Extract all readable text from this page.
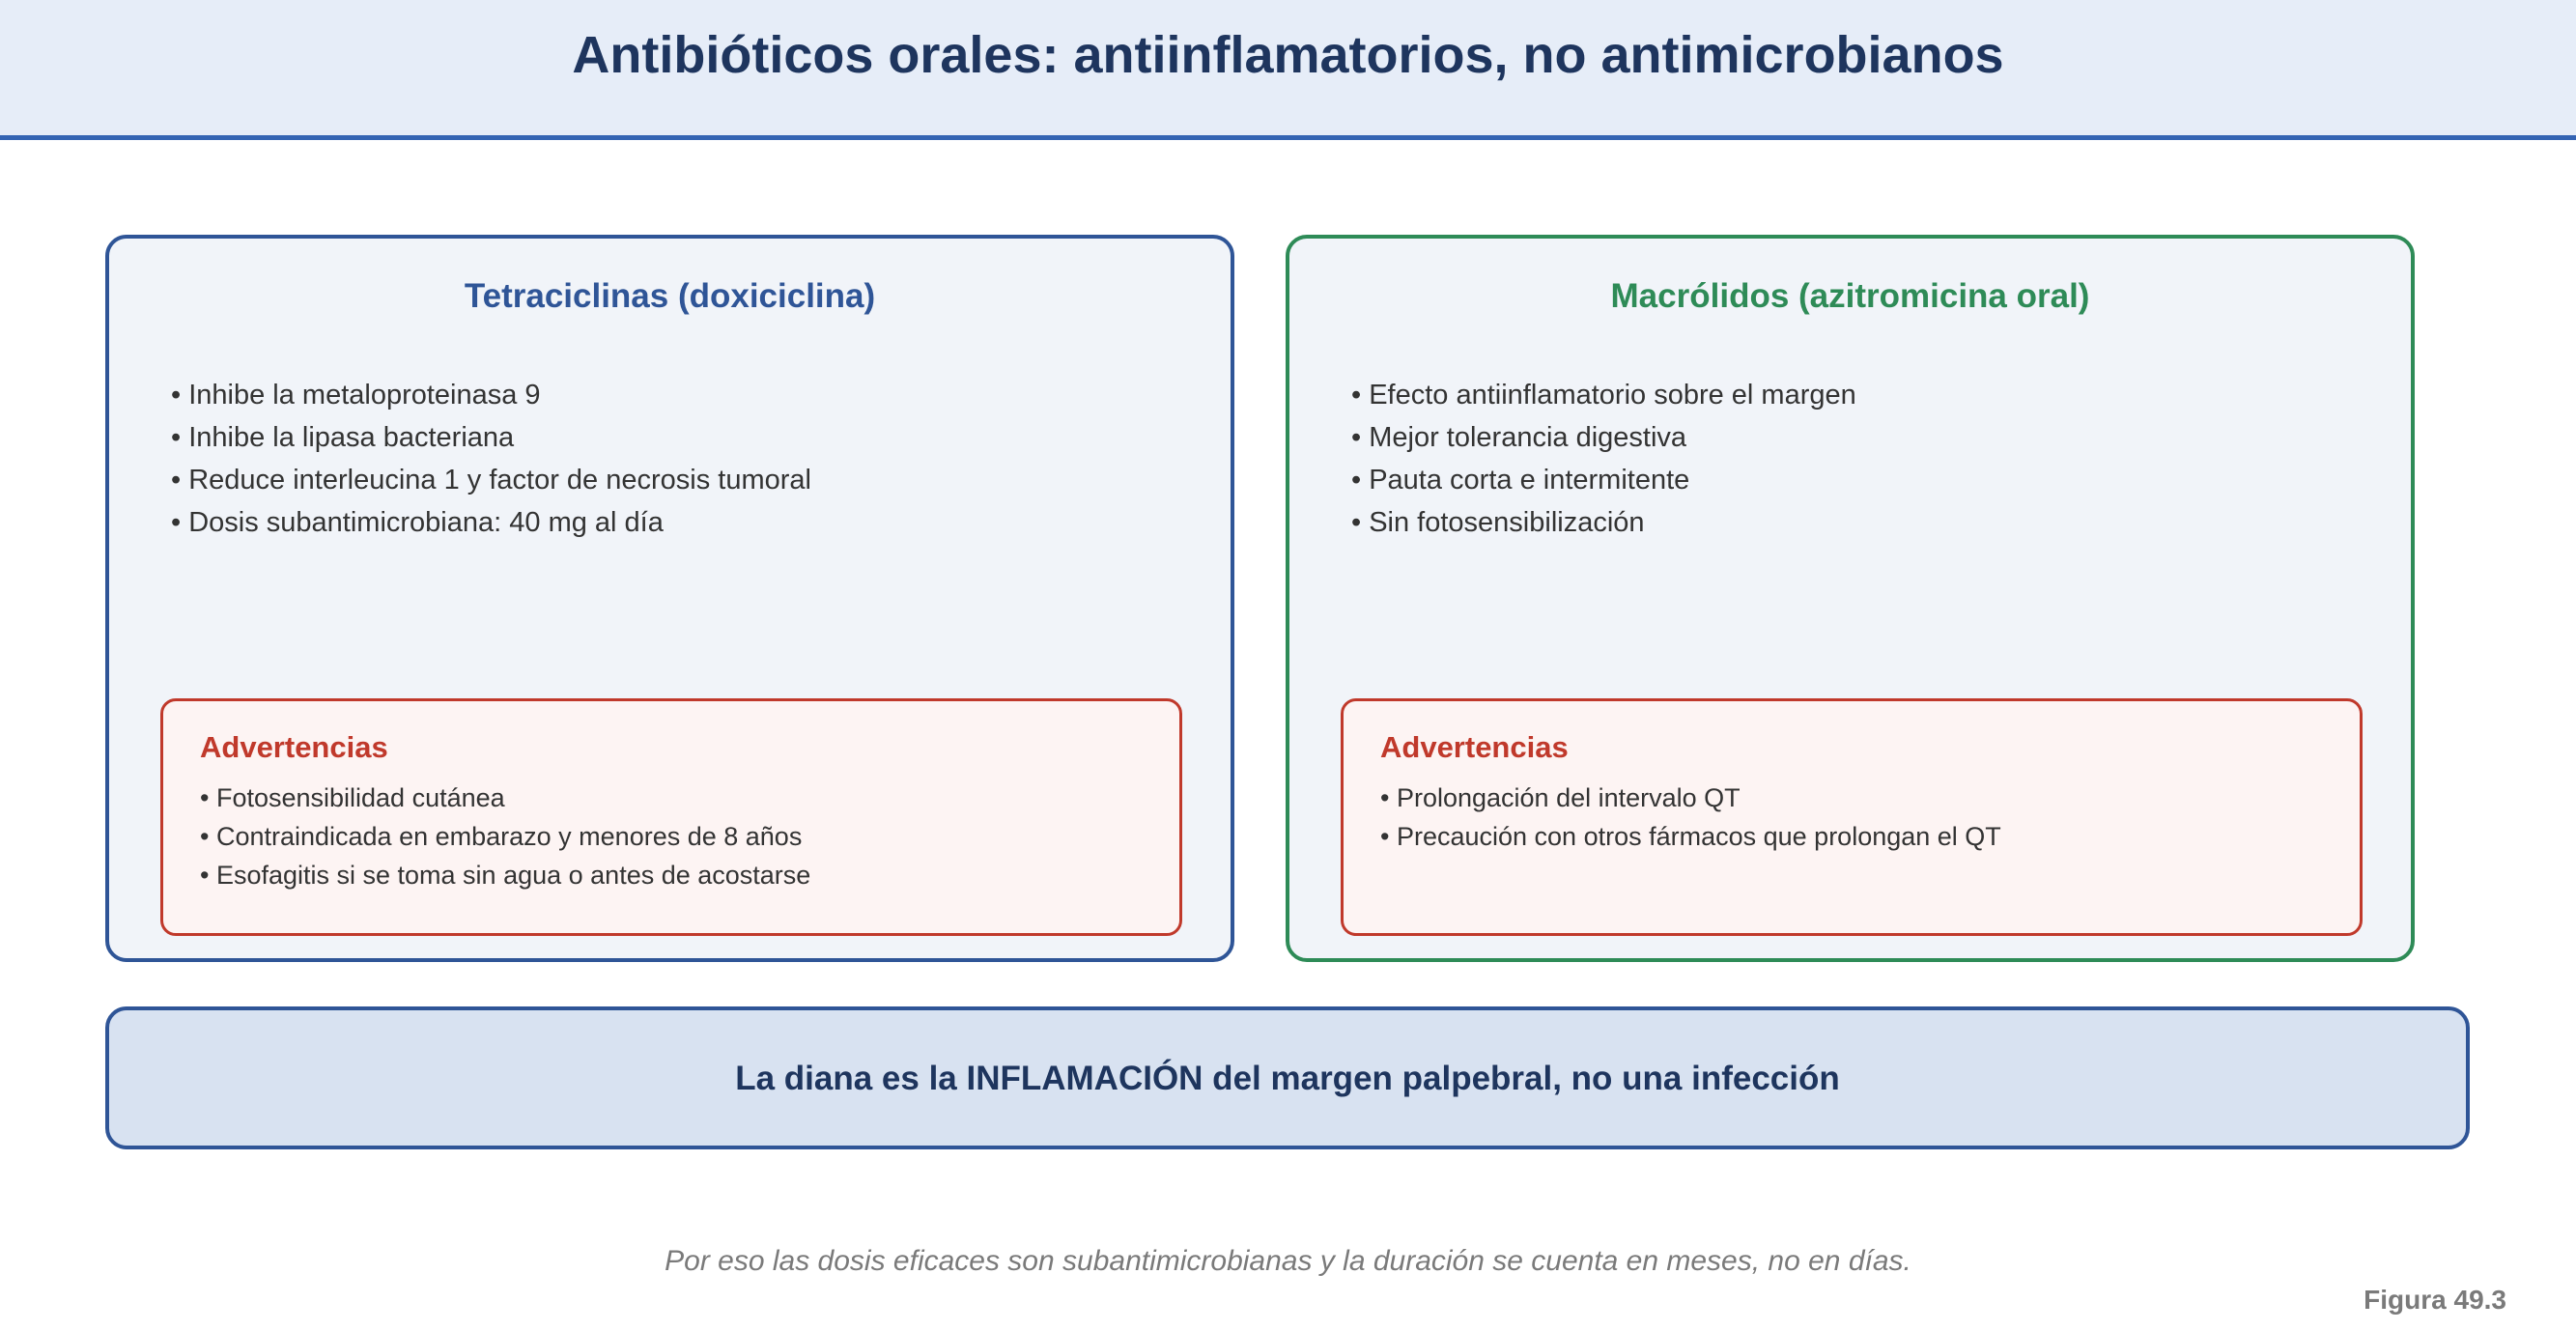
Antibióticos orales: antiinflamatorios, no antimicrobianos
Tetraciclinas (doxiciclina)
• Inhibe la metaloproteinasa 9
• Inhibe la lipasa bacteriana
• Reduce interleucina 1 y factor de necrosis tumoral
• Dosis subantimicrobiana: 40 mg al día
Advertencias
• Fotosensibilidad cutánea
• Contraindicada en embarazo y menores de 8 años
• Esofagitis si se toma sin agua o antes de acostarse
Macrólidos (azitromicina oral)
• Efecto antiinflamatorio sobre el margen
• Mejor tolerancia digestiva
• Pauta corta e intermitente
• Sin fotosensibilización
Advertencias
• Prolongación del intervalo QT
• Precaución con otros fármacos que prolongan el QT
La diana es la INFLAMACIÓN del margen palpebral, no una infección
Por eso las dosis eficaces son subantimicrobianas y la duración se cuenta en meses, no en días.
Figura 49.3
